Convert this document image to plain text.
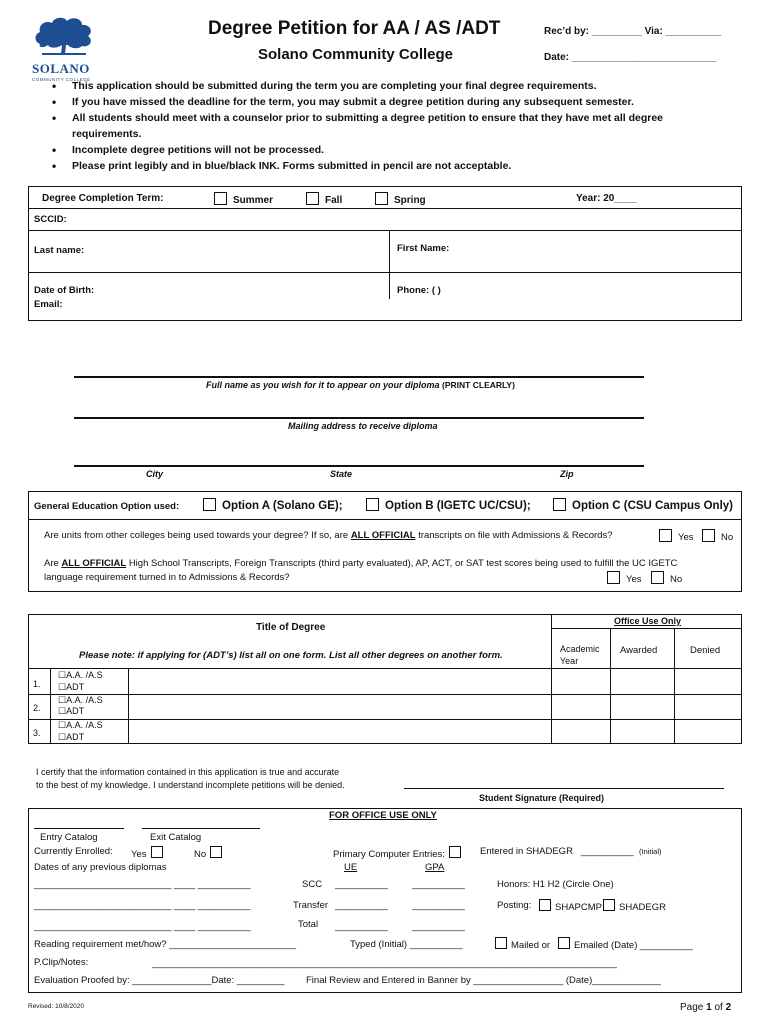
SOLANO
COMMUNITY COLLEGE
Degree Petition for AA / AS /ADT
Solano Community College
Rec’d by: _________ Via: __________
Date: __________________________
• This application should be submitted during the term you are completing your final degree requirements.
• If you have missed the deadline for the term, you may submit a degree petition during any subsequent semester.
• All students should meet with a counselor prior to submitting a degree petition to ensure that they have met all degree requirements.
• Incomplete degree petitions will not be processed.
• Please print legibly and in blue/black INK. Forms submitted in pencil are not acceptable.
Degree Completion Term:	Summer	Fall	Spring	Year: 20____
SCCID:
Last name:	First Name:
Date of Birth:	Phone: ( )
Email:
Full name as you wish for it to appear on your diploma (PRINT CLEARLY)
Mailing address to receive diploma
City	State	Zip
General Education Option used:	Option A (Solano GE);	Option B (IGETC UC/CSU);	Option C (CSU Campus Only)
Are units from other colleges being used towards your degree? If so, are ALL OFFICIAL transcripts on file with Admissions & Records?	Yes	No
Are ALL OFFICIAL High School Transcripts, Foreign Transcripts (third party evaluated), AP, ACT, or SAT test scores being used to fulfill the UC IGETC
language requirement turned in to Admissions & Records?	Yes	No
Title of Degree
Please note: if applying for (ADT’s) list all on one form. List all other degrees on another form.
Office Use Only
Academic Year
Awarded	Denied
1.
☐A.A. /A.S
☐ADT
2.
☐A.A. /A.S
☐ADT
3.
☐A.A. /A.S
☐ADT
I certify that the information contained in this application is true and accurate
to the best of my knowledge. I understand incomplete petitions will be denied.
Student Signature (Required)
FOR OFFICE USE ONLY
Entry Catalog	Exit Catalog
Currently Enrolled: Yes	No	Primary Computer Entries:	Entered in SHADEGR __________ (Initial)
Dates of any previous diplomas	UE	GPA
__________________________ ____ __________	SCC __________	__________	Honors: H1 H2 (Circle One)
__________________________ ____ __________	Transfer __________	__________	Posting:	SHAPCMP	SHADEGR
__________________________ ____ __________	Total __________	__________
Reading requirement met/how? ________________________	Typed (Initial) __________	Mailed or	Emailed (Date) __________
P.Clip/Notes:	________________________________________________________________________________________
Evaluation Proofed by: _______________Date: _________ Final Review and Entered in Banner by _________________ (Date)_____________
Revised: 10/8/2020	Page 1 of 2
